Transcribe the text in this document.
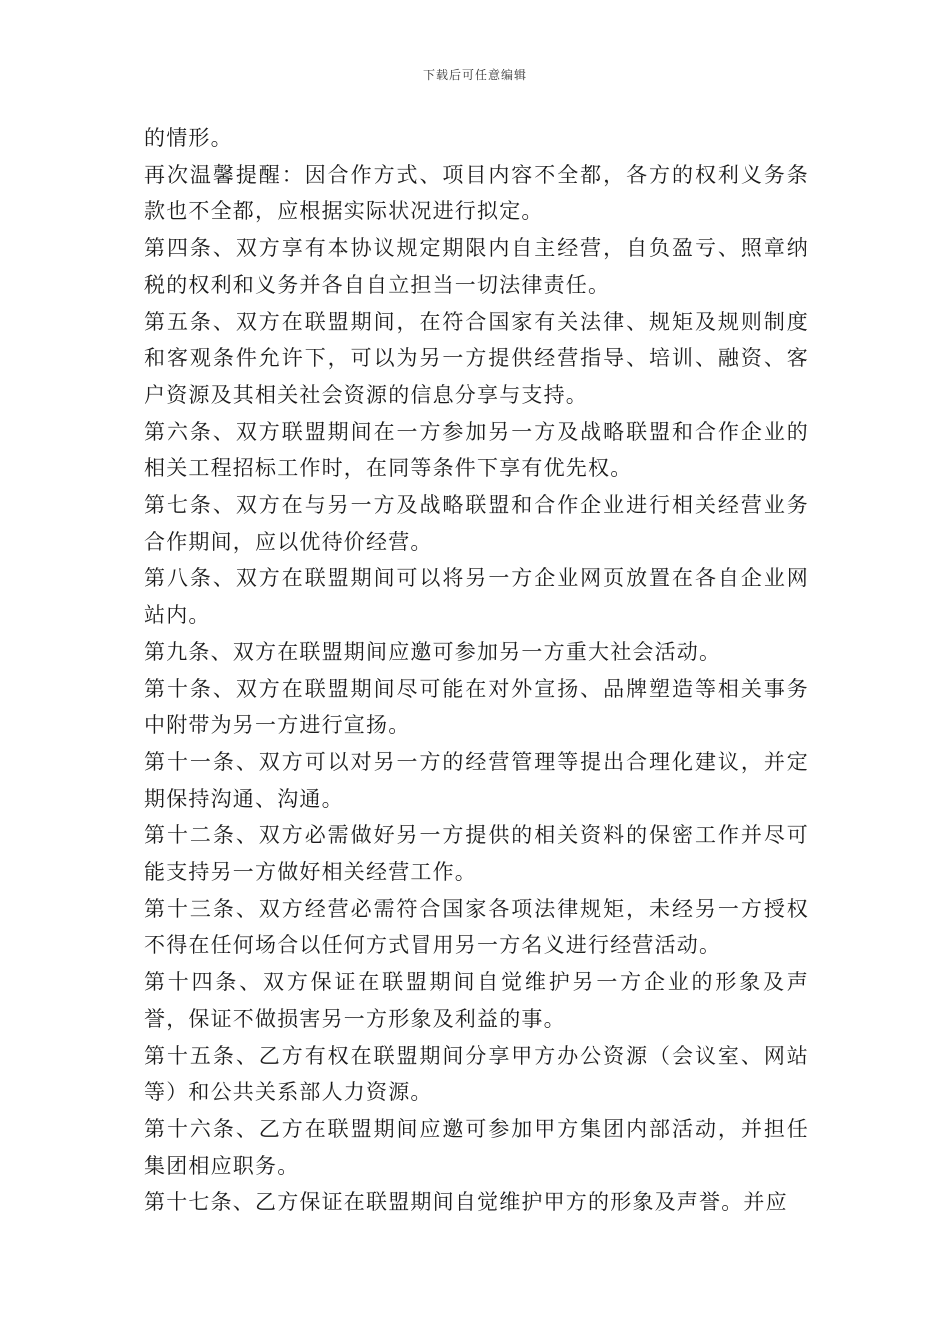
下载后可任意编辑

的情形。

再次温馨提醒：因合作方式、项目内容不全都，各方的权利义务条款也不全都，应根据实际状况进行拟定。

第四条、双方享有本协议规定期限内自主经营，自负盈亏、照章纳税的权利和义务并各自自立担当一切法律责任。

第五条、双方在联盟期间，在符合国家有关法律、规矩及规则制度和客观条件允许下，可以为另一方提供经营指导、培训、融资、客户资源及其相关社会资源的信息分享与支持。

第六条、双方联盟期间在一方参加另一方及战略联盟和合作企业的相关工程招标工作时，在同等条件下享有优先权。

第七条、双方在与另一方及战略联盟和合作企业进行相关经营业务合作期间，应以优待价经营。

第八条、双方在联盟期间可以将另一方企业网页放置在各自企业网站内。

第九条、双方在联盟期间应邀可参加另一方重大社会活动。

第十条、双方在联盟期间尽可能在对外宣扬、品牌塑造等相关事务中附带为另一方进行宣扬。

第十一条、双方可以对另一方的经营管理等提出合理化建议，并定期保持沟通、沟通。

第十二条、双方必需做好另一方提供的相关资料的保密工作并尽可能支持另一方做好相关经营工作。

第十三条、双方经营必需符合国家各项法律规矩，未经另一方授权不得在任何场合以任何方式冒用另一方名义进行经营活动。

第十四条、双方保证在联盟期间自觉维护另一方企业的形象及声誉，保证不做损害另一方形象及利益的事。

第十五条、乙方有权在联盟期间分享甲方办公资源（会议室、网站等）和公共关系部人力资源。

第十六条、乙方在联盟期间应邀可参加甲方集团内部活动，并担任集团相应职务。

第十七条、乙方保证在联盟期间自觉维护甲方的形象及声誉。并应
